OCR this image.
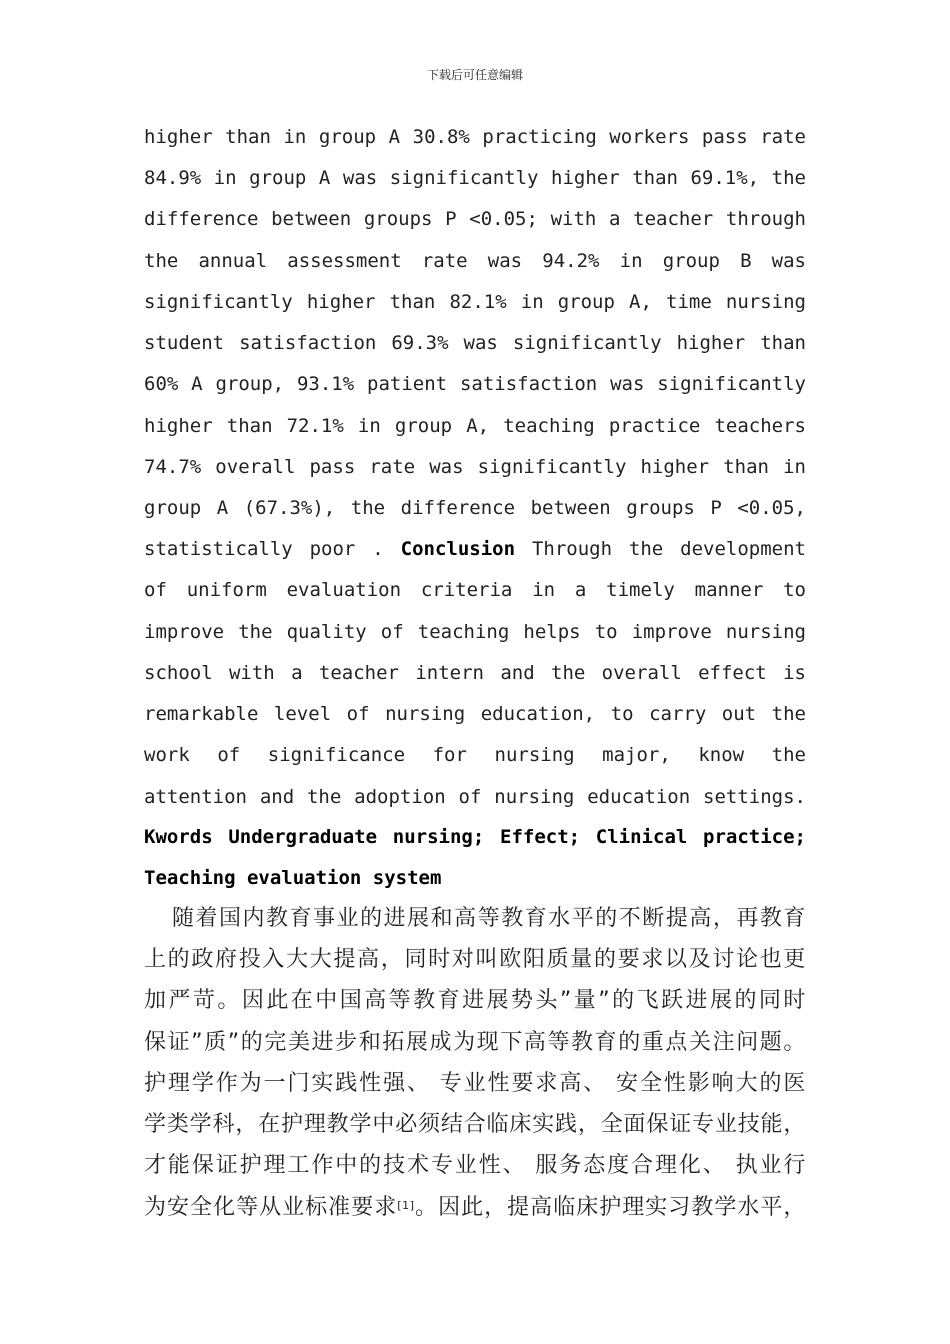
下载后可任意编辑
higher than in group A 30.8% practicing workers pass rate
84.9% in group A was significantly higher than 69.1%, the
difference between groups P <0.05; with a teacher through
the annual assessment rate was 94.2% in group B was
significantly higher than 82.1% in group A, time nursing
student satisfaction 69.3% was significantly higher than
60% A group, 93.1% patient satisfaction was significantly
higher than 72.1% in group A, teaching practice teachers
74.7% overall pass rate was significantly higher than in
group A (67.3%), the difference between groups P <0.05,
statistically poor . Conclusion Through the development
of uniform evaluation criteria in a timely manner to
improve the quality of teaching helps to improve nursing
school with a teacher intern and the overall effect is
remarkable level of nursing education, to carry out the
work of significance for nursing major, know the
attention and the adoption of nursing education settings.
Kwords Undergraduate nursing; Effect; Clinical practice;
Teaching evaluation system
随着国内教育事业的进展和高等教育水平的不断提高，再教育
上的政府投入大大提高，同时对叫欧阳质量的要求以及讨论也更
加严苛。因此在中国高等教育进展势头”量”的飞跃进展的同时
保证”质”的完美进步和拓展成为现下高等教育的重点关注问题。
护理学作为一门实践性强、 专业性要求高、 安全性影响大的医
学类学科，在护理教学中必须结合临床实践，全面保证专业技能，
才能保证护理工作中的技术专业性、 服务态度合理化、 执业行
为安全化等从业标准要求[1]。因此，提高临床护理实习教学水平，
